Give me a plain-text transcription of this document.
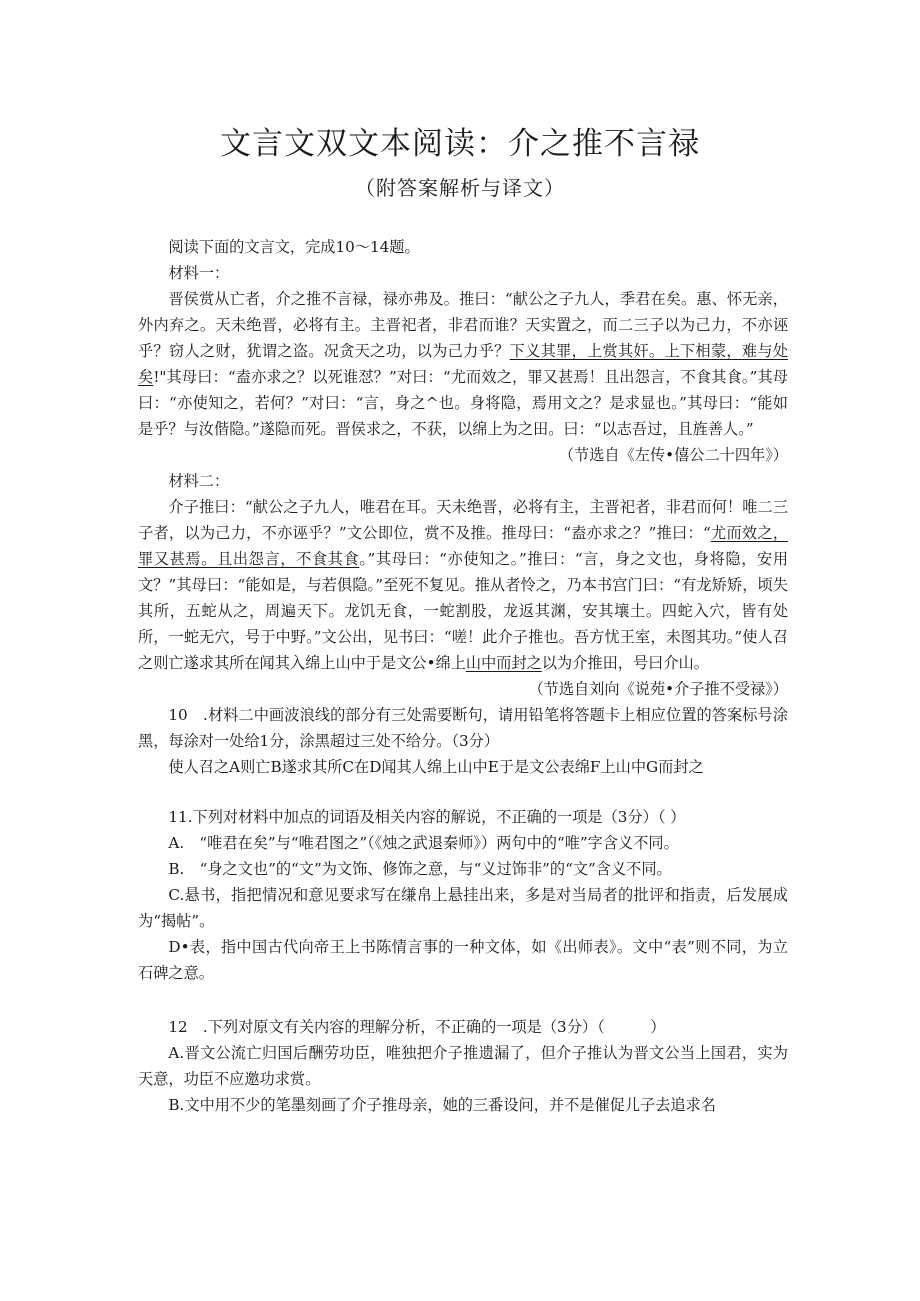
文言文双文本阅读：介之推不言禄
（附答案解析与译文）

阅读下面的文言文，完成10～14题。

材料一：

晋侯赏从亡者，介之推不言禄，禄亦弗及。推曰：“献公之子九人，季君在矣。惠、怀无亲，外内弃之。天未绝晋，必将有主。主晋祀者，非君而谁？天实置之，而二三子以为己力，不亦诬乎？窃人之财，犹谓之盗。况贪天之功，以为己力乎？下义其罪，上赏其奸。上下相蒙，难与处矣!"其母曰：“盍亦求之？以死谁怼？”对曰：“尤而效之，罪又甚焉！且出怨言，不食其食。”其母曰：“亦使知之，若何？”对曰：“言，身之^也。身将隐，焉用文之？是求显也。”其母曰：“能如是乎？与汝偕隐。”遂隐而死。晋侯求之，不获，以绵上为之田。曰：“以志吾过，且旌善人。”

（节选自《左传•僖公二十四年》）

材料二：

介子推曰：“献公之子九人，唯君在耳。天未绝晋，必将有主，主晋祀者，非君而何！唯二三子者，以为己力，不亦诬乎？”文公即位，赏不及推。推母曰：“盍亦求之？”推曰：“尤而效之，罪又甚焉。且出怨言，不食其食。”其母曰：“亦使知之。”推曰：“言，身之文也，身将隐，安用文？”其母曰：“能如是，与若俱隐。”至死不复见。推从者怜之，乃本书宫门曰：“有龙矫矫，顷失其所，五蛇从之，周遍天下。龙饥无食，一蛇割股，龙返其渊，安其壤土。四蛇入穴，皆有处所，一蛇无穴，号于中野。”文公出，见书曰：“嗟！此介子推也。吾方忧王室，未图其功。”使人召之则亡遂求其所在闻其入绵上山中于是文公•绵上山中而封之以为介推田，号曰介山。

（节选自刘向《说苑•介子推不受禄》）

10　.材料二中画波浪线的部分有三处需要断句，请用铅笔将答题卡上相应位置的答案标号涂黑，每涂对一处给1分，涂黑超过三处不给分。（3分）

使人召之A则亡B遂求其所C在D闻其人绵上山中E于是文公表绵F上山中G而封之

11.下列对材料中加点的词语及相关内容的解说，不正确的一项是（3分）（ ）

A.　“唯君在矣”与“唯君图之”（《烛之武退秦师》）两句中的“唯”字含义不同。

B.　“身之文也”的“文”为文饰、修饰之意，与“义过饰非”的“文”含义不同。

C.悬书，指把情况和意见要求写在缣帛上悬挂出来，多是对当局者的批评和指责，后发展成为“揭帖”。

D•表，指中国古代向帝王上书陈情言事的一种文体，如《出师表》。文中“表”则不同，为立石碑之意。

12　.下列对原文有关内容的理解分析，不正确的一项是（3分）（　　　）

A.晋文公流亡归国后酬劳功臣，唯独把介子推遗漏了，但介子推认为晋文公当上国君，实为天意，功臣不应邀功求赏。

B.文中用不少的笔墨刻画了介子推母亲，她的三番设问，并不是催促儿子去追求名
